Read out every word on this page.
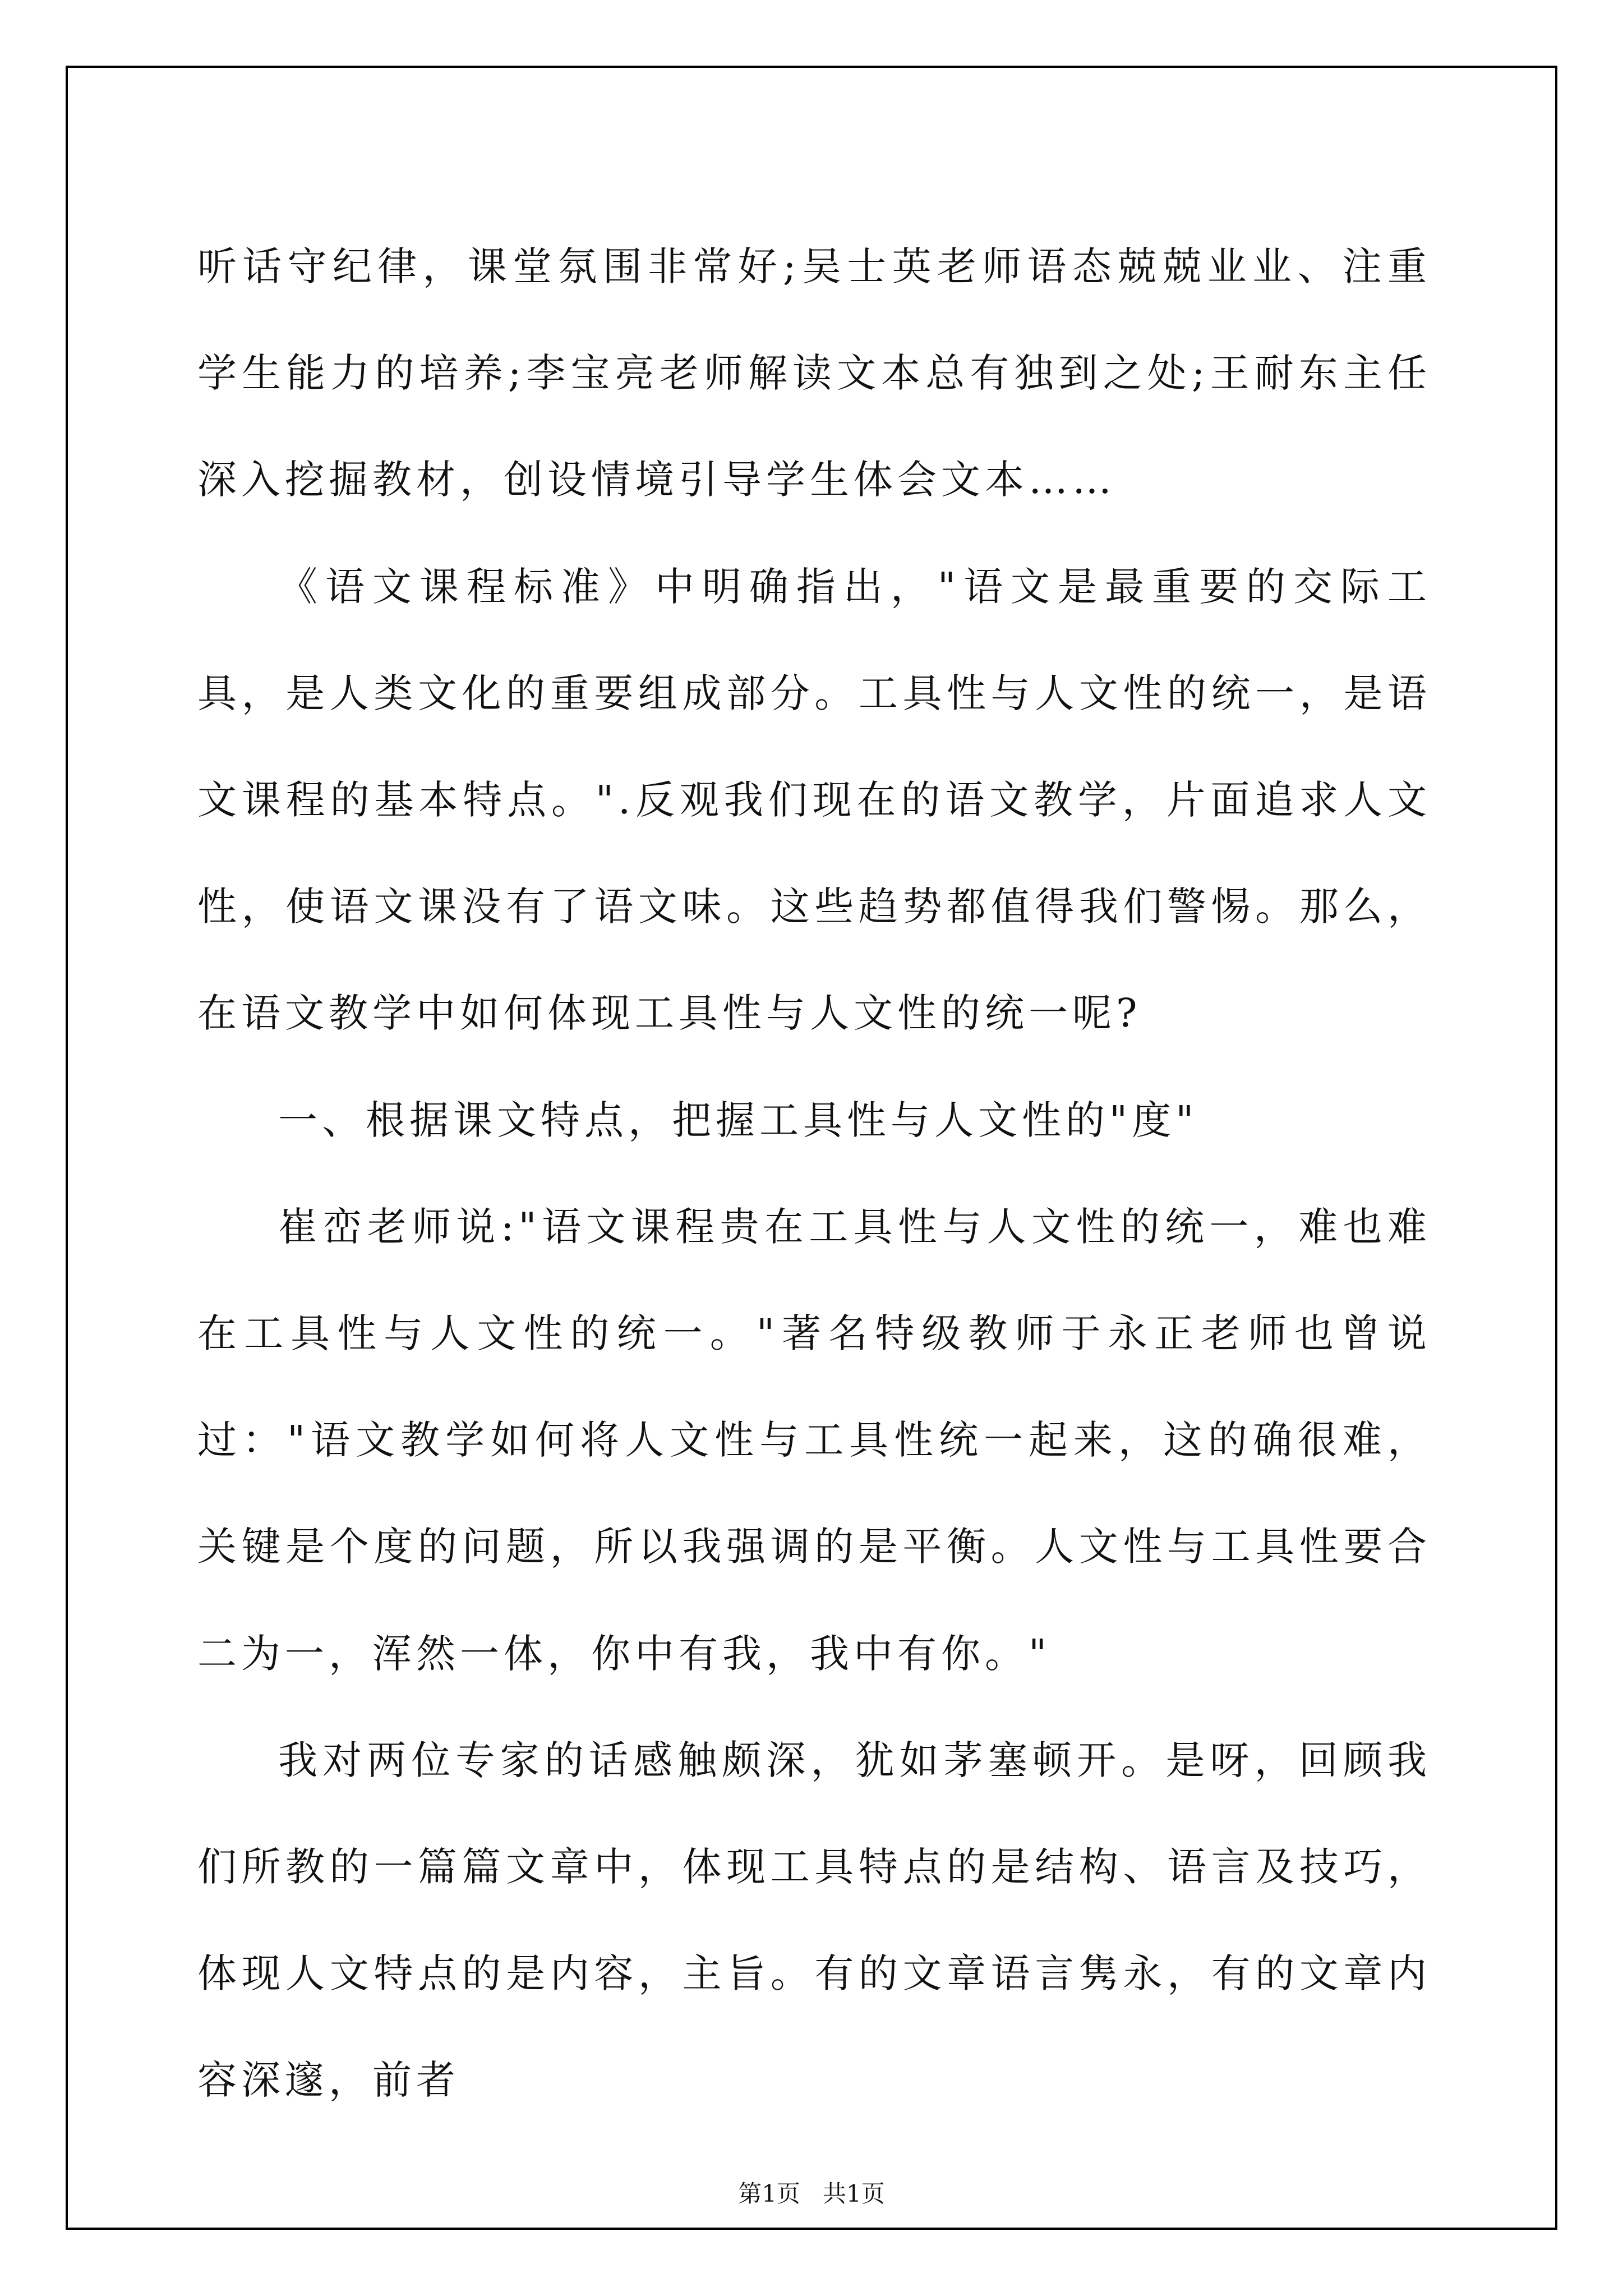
听话守纪律，课堂氛围非常好;吴士英老师语态兢兢业业、注重学生能力的培养;李宝亮老师解读文本总有独到之处;王耐东主任深入挖掘教材，创设情境引导学生体会文本……

《语文课程标准》中明确指出，"语文是最重要的交际工具，是人类文化的重要组成部分。工具性与人文性的统一，是语文课程的基本特点。".反观我们现在的语文教学，片面追求人文性，使语文课没有了语文味。这些趋势都值得我们警惕。那么，在语文教学中如何体现工具性与人文性的统一呢?

一、根据课文特点，把握工具性与人文性的"度"

崔峦老师说:"语文课程贵在工具性与人文性的统一，难也难在工具性与人文性的统一。"著名特级教师于永正老师也曾说过："语文教学如何将人文性与工具性统一起来，这的确很难，关键是个度的问题，所以我强调的是平衡。人文性与工具性要合二为一，浑然一体，你中有我，我中有你。"

我对两位专家的话感触颇深，犹如茅塞顿开。是呀，回顾我们所教的一篇篇文章中，体现工具特点的是结构、语言及技巧，体现人文特点的是内容，主旨。有的文章语言隽永，有的文章内容深邃，前者

第1页   共1页
